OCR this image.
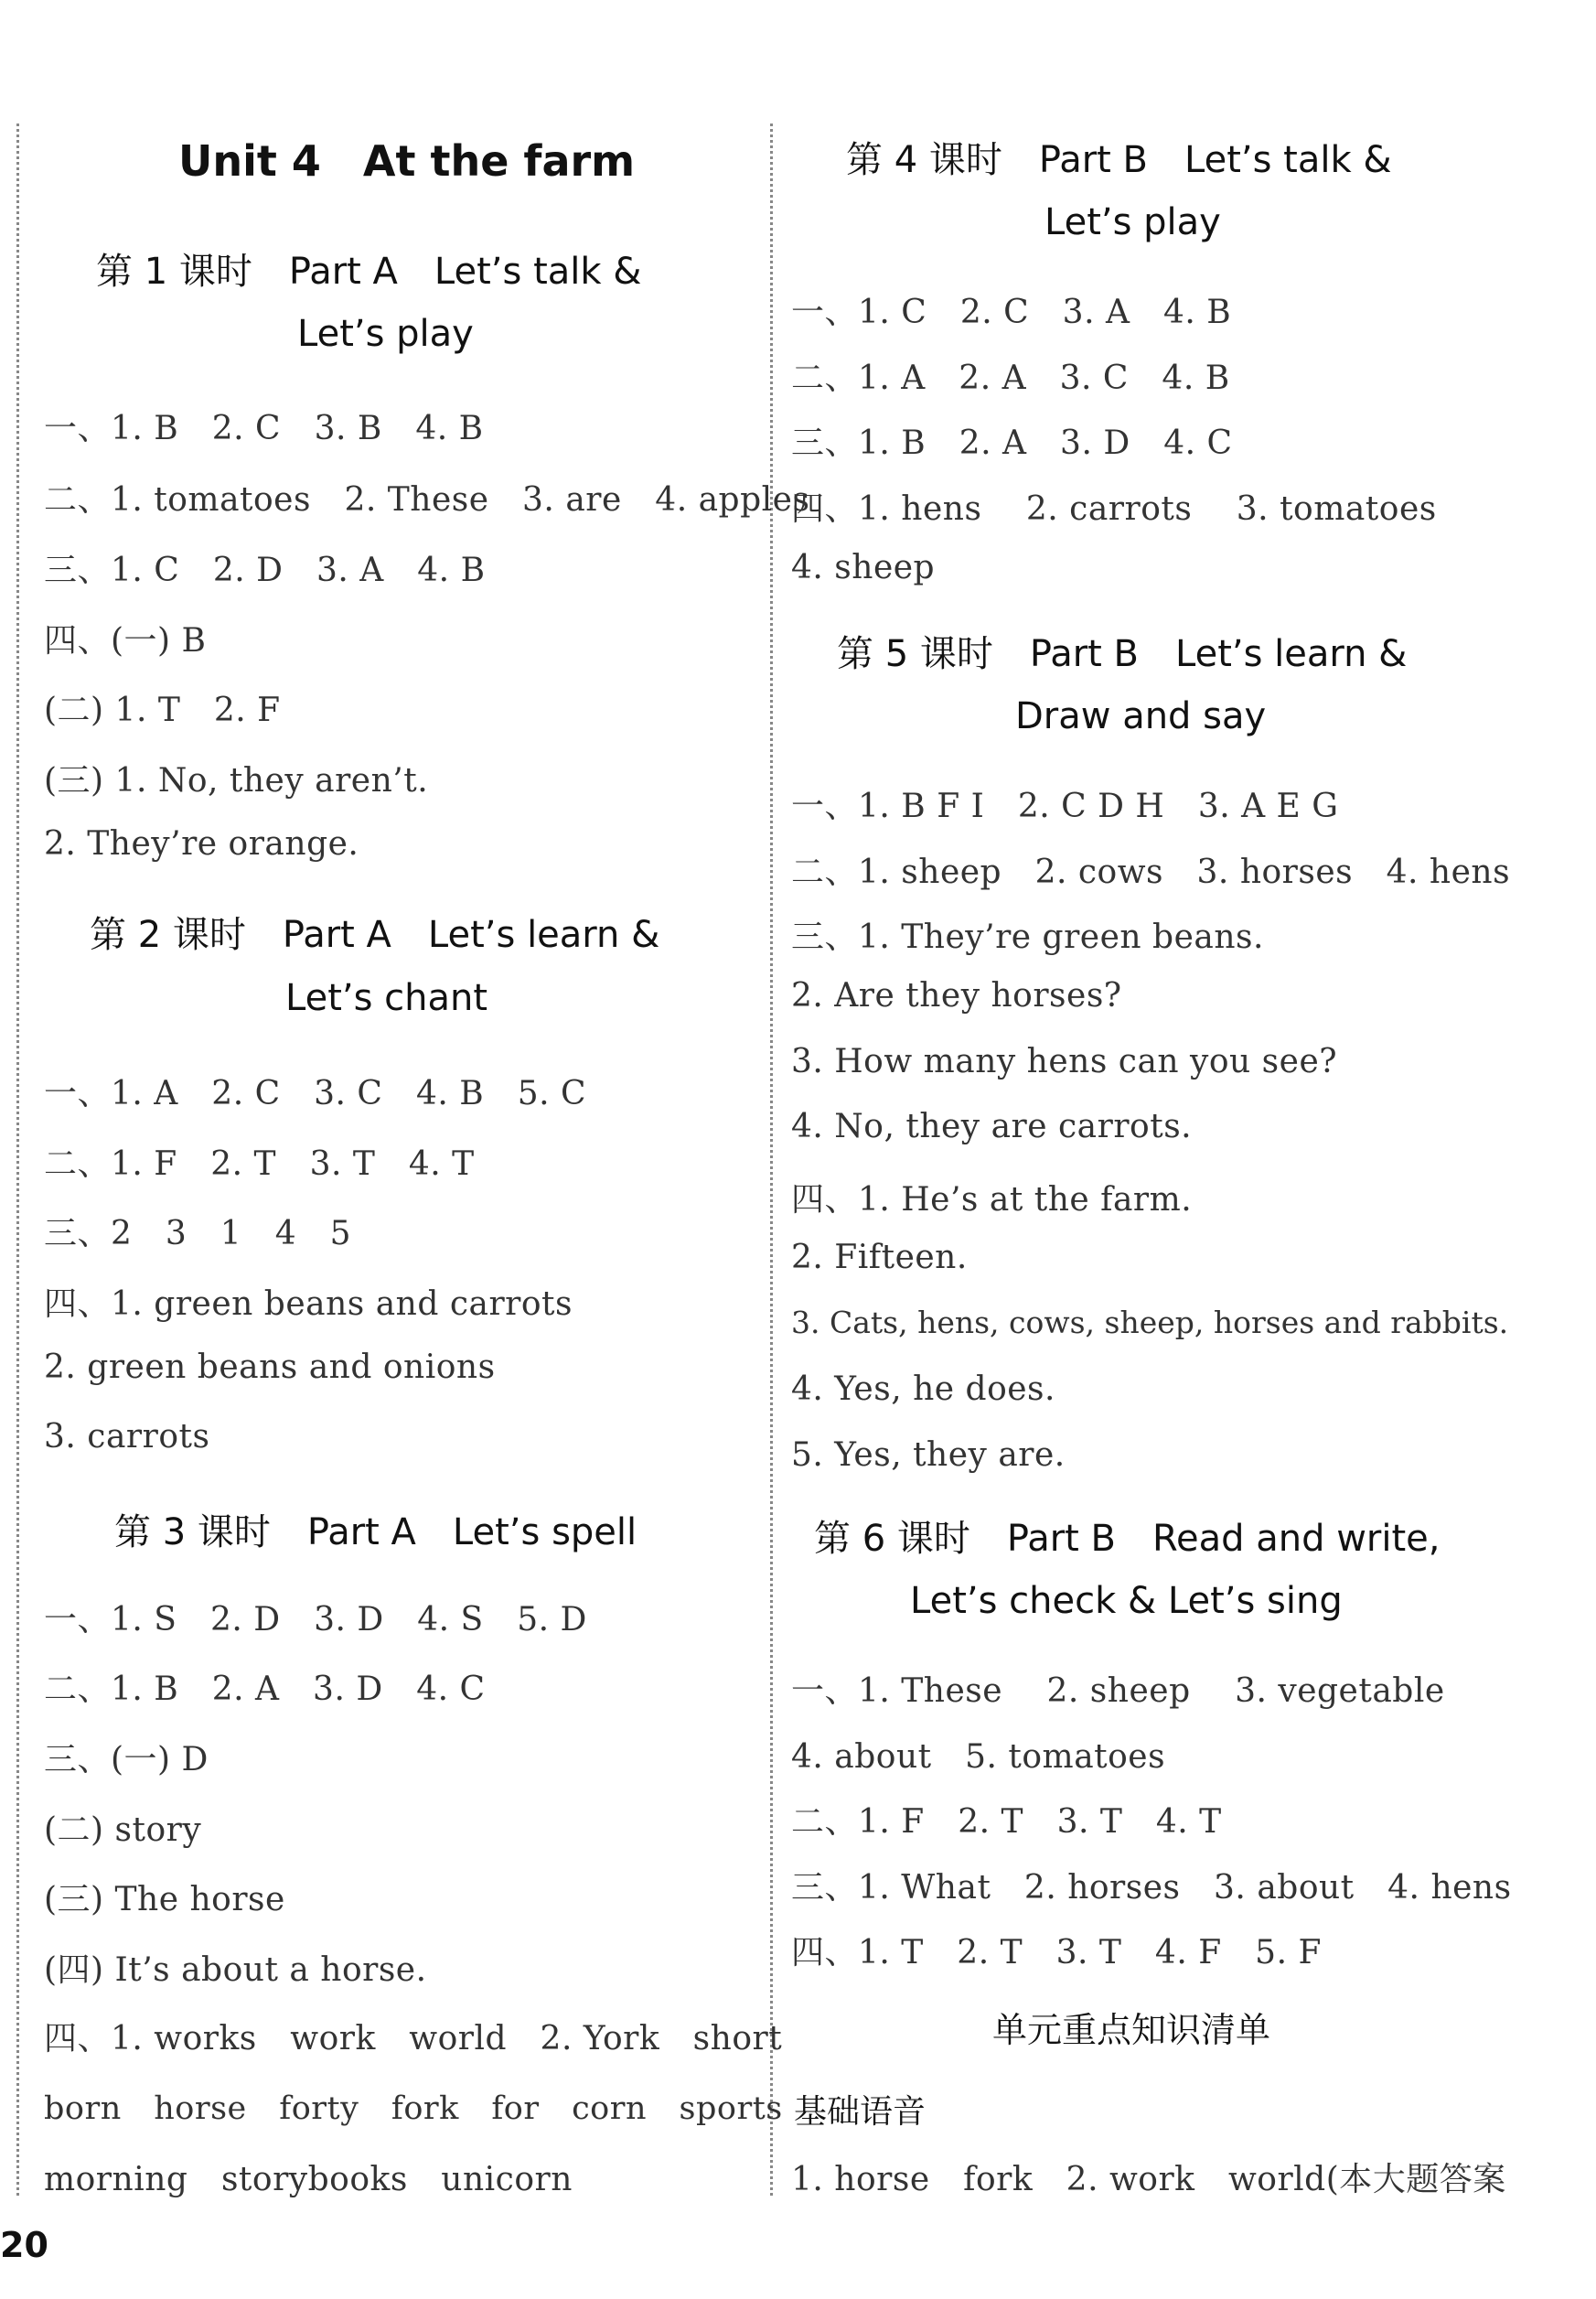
Unit 4　At the farm
第 1 课时　Part A　Let’s talk &
Let’s play
一、1. B　2. C　3. B　4. B
二、1. tomatoes　2. These　3. are　4. apples
三、1. C　2. D　3. A　4. B
四、(一) B
(二) 1. T　2. F
(三) 1. No, they aren’t.
2. They’re orange.
第 2 课时　Part A　Let’s learn &
Let’s chant
一、1. A　2. C　3. C　4. B　5. C
二、1. F　2. T　3. T　4. T
三、2　3　1　4　5
四、1. green beans and carrots
2. green beans and onions
3. carrots
第 3 课时　Part A　Let’s spell
一、1. S　2. D　3. D　4. S　5. D
二、1. B　2. A　3. D　4. C
三、(一) D
(二) story
(三) The horse
(四) It’s about a horse.
四、1. works　work　world　2. York　short
born　horse　forty　fork　for　corn　sports
morning　storybooks　unicorn
第 4 课时　Part B　Let’s talk &
Let’s play
一、1. C　2. C　3. A　4. B
二、1. A　2. A　3. C　4. B
三、1. B　2. A　3. D　4. C
四、1. hens　 2. carrots　 3. tomatoes
4. sheep
第 5 课时　Part B　Let’s learn &
Draw and say
一、1. B F I　2. C D H　3. A E G
二、1. sheep　2. cows　3. horses　4. hens
三、1. They’re green beans.
2. Are they horses?
3. How many hens can you see?
4. No, they are carrots.
四、1. He’s at the farm.
2. Fifteen.
3. Cats, hens, cows, sheep, horses and rabbits.
4. Yes, he does.
5. Yes, they are.
第 6 课时　Part B　Read and write,
Let’s check & Let’s sing
一、1. These　 2. sheep　 3. vegetable
4. about　5. tomatoes
二、1. F　2. T　3. T　4. T
三、1. What　2. horses　3. about　4. hens
四、1. T　2. T　3. T　4. F　5. F
单元重点知识清单
基础语音
1. horse　fork　2. work　world(本大题答案
20
